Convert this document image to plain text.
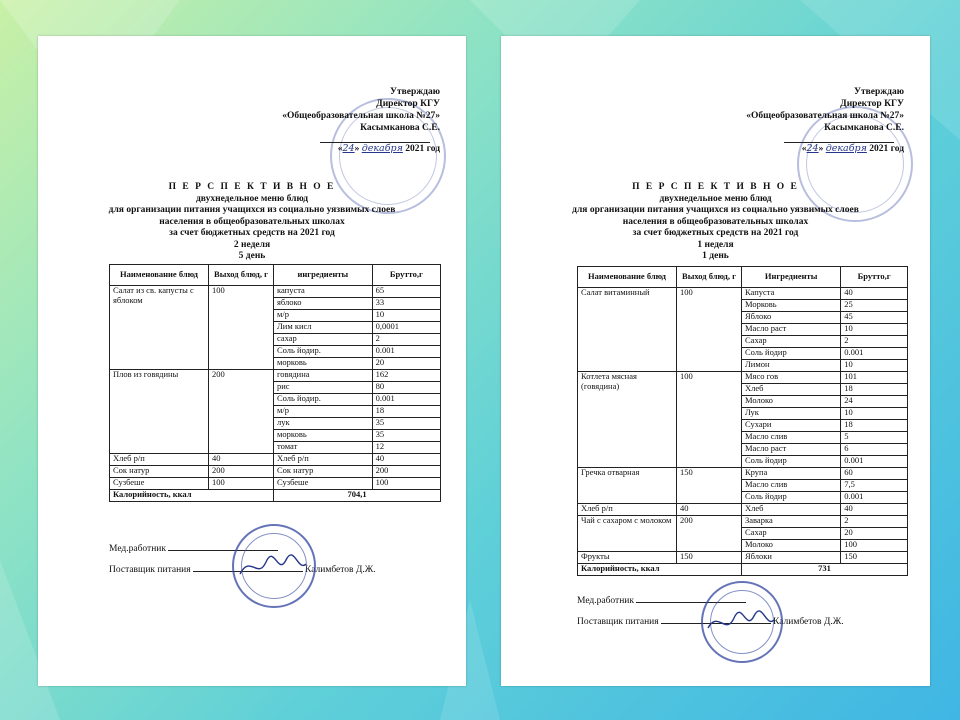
Утверждаю
Директор КГУ
«Общеобразовательная школа №27»
Касымканова С.Е.
«24» декабря 2021 год
П Е Р С П Е К Т И В Н О Е
двухнедельное меню блюд
для организации питания учащихся из социально уязвимых слоев
населения в общеобразовательных школах
за счет бюджетных средств на 2021 год
2 неделя
5 день
Наименование блюд	Выход блюд, г	ингредиенты	Брутто,г
Салат из св. капусты с яблоком	100	капуста	65
		яблоко	33
		м/р	10
		Лим кисл	0,0001
		сахар	2
		Соль йодир.	0.001
		морковь	20
Плов из говядины	200	говядина	162
		рис	80
		Соль йодир.	0.001
		м/р	18
		лук	35
		морковь	35
		томат	12
Хлеб р/п	40	Хлеб р/п	40
Сок натур	200	Сок натур	200
Сузбеше	100	Сузбеше	100
Калорийность, ккал		704,1	
Мед.работник
Поставщик питания	Калимбетов Д.Ж.
Утверждаю
Директор КГУ
«Общеобразовательная школа №27»
Касымканова С.Е.
«24» декабря 2021 год
П Е Р С П Е К Т И В Н О Е
двухнедельное меню блюд
для организации питания учащихся из социально уязвимых слоев
населения в общеобразовательных школах
за счет бюджетных средств на 2021 год
1 неделя
1 день
Наименование блюд	Выход блюд, г	Ингредиенты	Брутто,г
Салат витаминный	100	Капуста	40
		Морковь	25
		Яблоко	45
		Масло раст	10
		Сахар	2
		Соль йодир	0.001
		Лимон	10
Котлета мясная (говядина)	100	Мясо гов	101
		Хлеб	18
		Молоко	24
		Лук	10
		Сухари	18
		Масло слив	5
		Масло раст	6
		Соль йодир	0.001
Гречка отварная	150	Крупа	60
		Масло слив	7,5
		Соль йодир	0.001
Хлеб р/п	40	Хлеб	40
Чай с сахаром с молоком	200	Заварка	2
		Сахар	20
		Молоко	100
Фрукты	150	Яблоки	150
Калорийность, ккал		731	
Мед.работник
Поставщик питания	Калимбетов Д.Ж.
